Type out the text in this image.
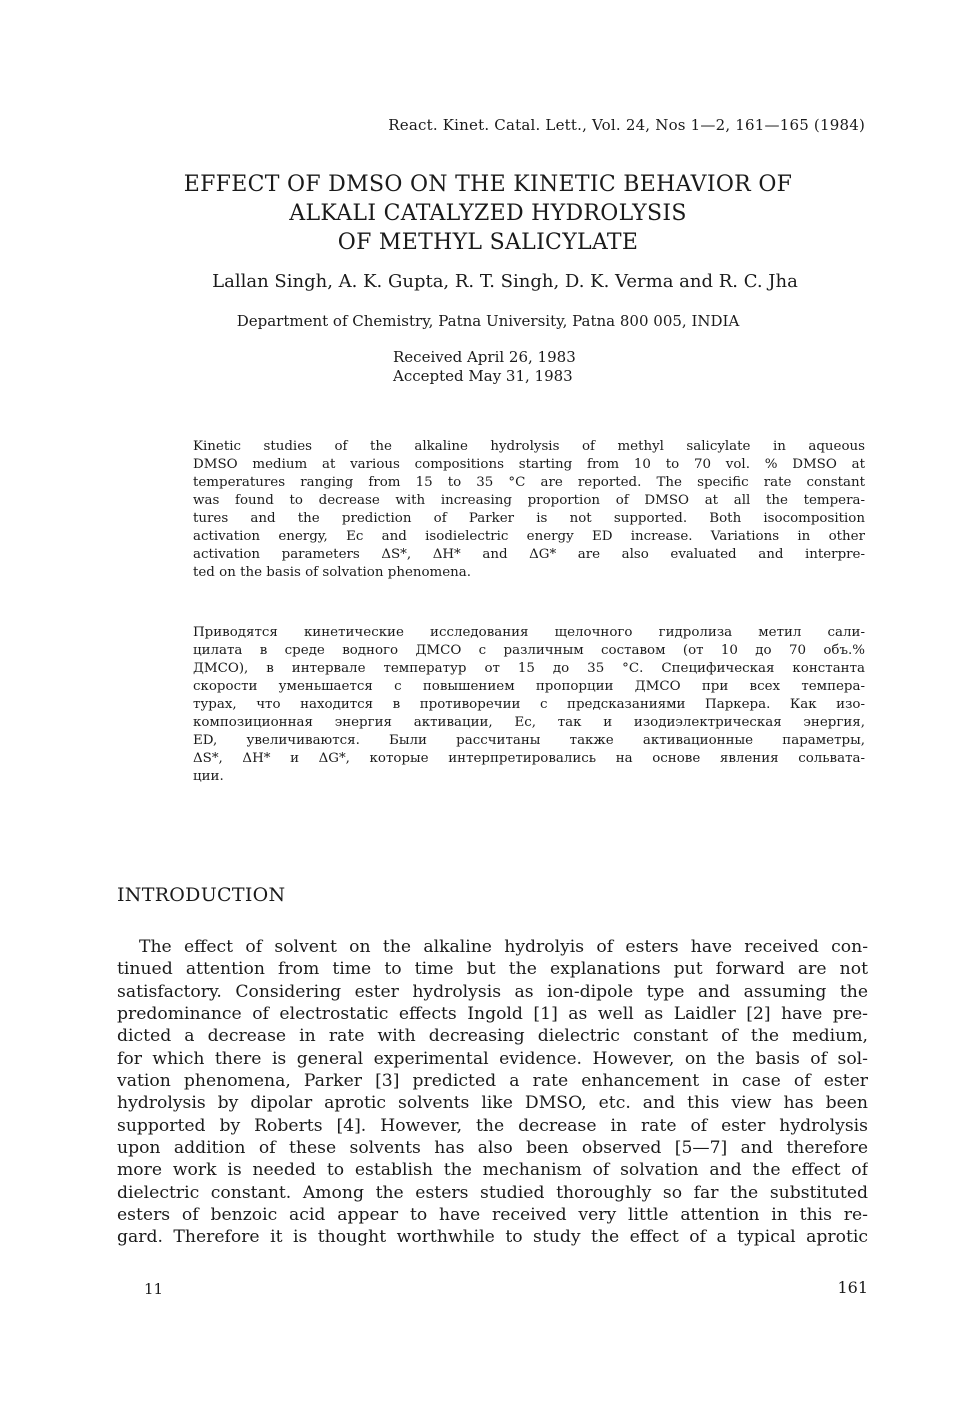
React. Kinet. Catal. Lett., Vol. 24, Nos 1—2, 161—165 (1984)
EFFECT OF DMSO ON THE KINETIC BEHAVIOR OF
ALKALI CATALYZED HYDROLYSIS
OF METHYL SALICYLATE
Lallan Singh, A. K. Gupta, R. T. Singh, D. K. Verma and R. C. Jha
Department of Chemistry, Patna University, Patna 800 005, INDIA
Received April 26, 1983
Accepted May 31, 1983
Kinetic studies of the alkaline hydrolysis of methyl salicylate in aqueous
DMSO medium at various compositions starting from 10 to 70 vol. % DMSO at
temperatures ranging from 15 to 35 °C are reported. The specific rate constant
was found to decrease with increasing proportion of DMSO at all the tempera-
tures and the prediction of Parker is not supported. Both isocomposition
activation energy, Ec and isodielectric energy ED increase. Variations in other
activation parameters ΔS*, ΔH* and ΔG* are also evaluated and interpre-
ted on the basis of solvation phenomena.
Приводятся кинетические исследования щелочного гидролиза метил сали-
цилата в среде водного ДМСО с различным составом (от 10 до 70 объ.%
ДМСО), в интервале температур от 15 до 35 °С. Специфическая константа
скорости уменьшается с повышением пропорции ДМСО при всех темпера-
турах, что находится в противоречии с предсказаниями Паркера. Как изо-
композиционная энергия активации, Ec, так и изодиэлектрическая энергия,
ED, увеличиваются. Были рассчитаны также активационные параметры,
ΔS*, ΔH* и ΔG*, которые интерпретировались на основе явления сольвата-
ции.
INTRODUCTION
The effect of solvent on the alkaline hydrolyis of esters have received con-
tinued attention from time to time but the explanations put forward are not
satisfactory. Considering ester hydrolysis as ion-dipole type and assuming the
predominance of electrostatic effects Ingold [1] as well as Laidler [2] have pre-
dicted a decrease in rate with decreasing dielectric constant of the medium,
for which there is general experimental evidence. However, on the basis of sol-
vation phenomena, Parker [3] predicted a rate enhancement in case of ester
hydrolysis by dipolar aprotic solvents like DMSO, etc. and this view has been
supported by Roberts [4]. However, the decrease in rate of ester hydrolysis
upon addition of these solvents has also been observed [5—7] and therefore
more work is needed to establish the mechanism of solvation and the effect of
dielectric constant. Among the esters studied thoroughly so far the substituted
esters of benzoic acid appear to have received very little attention in this re-
gard. Therefore it is thought worthwhile to study the effect of a typical aprotic
11	161
